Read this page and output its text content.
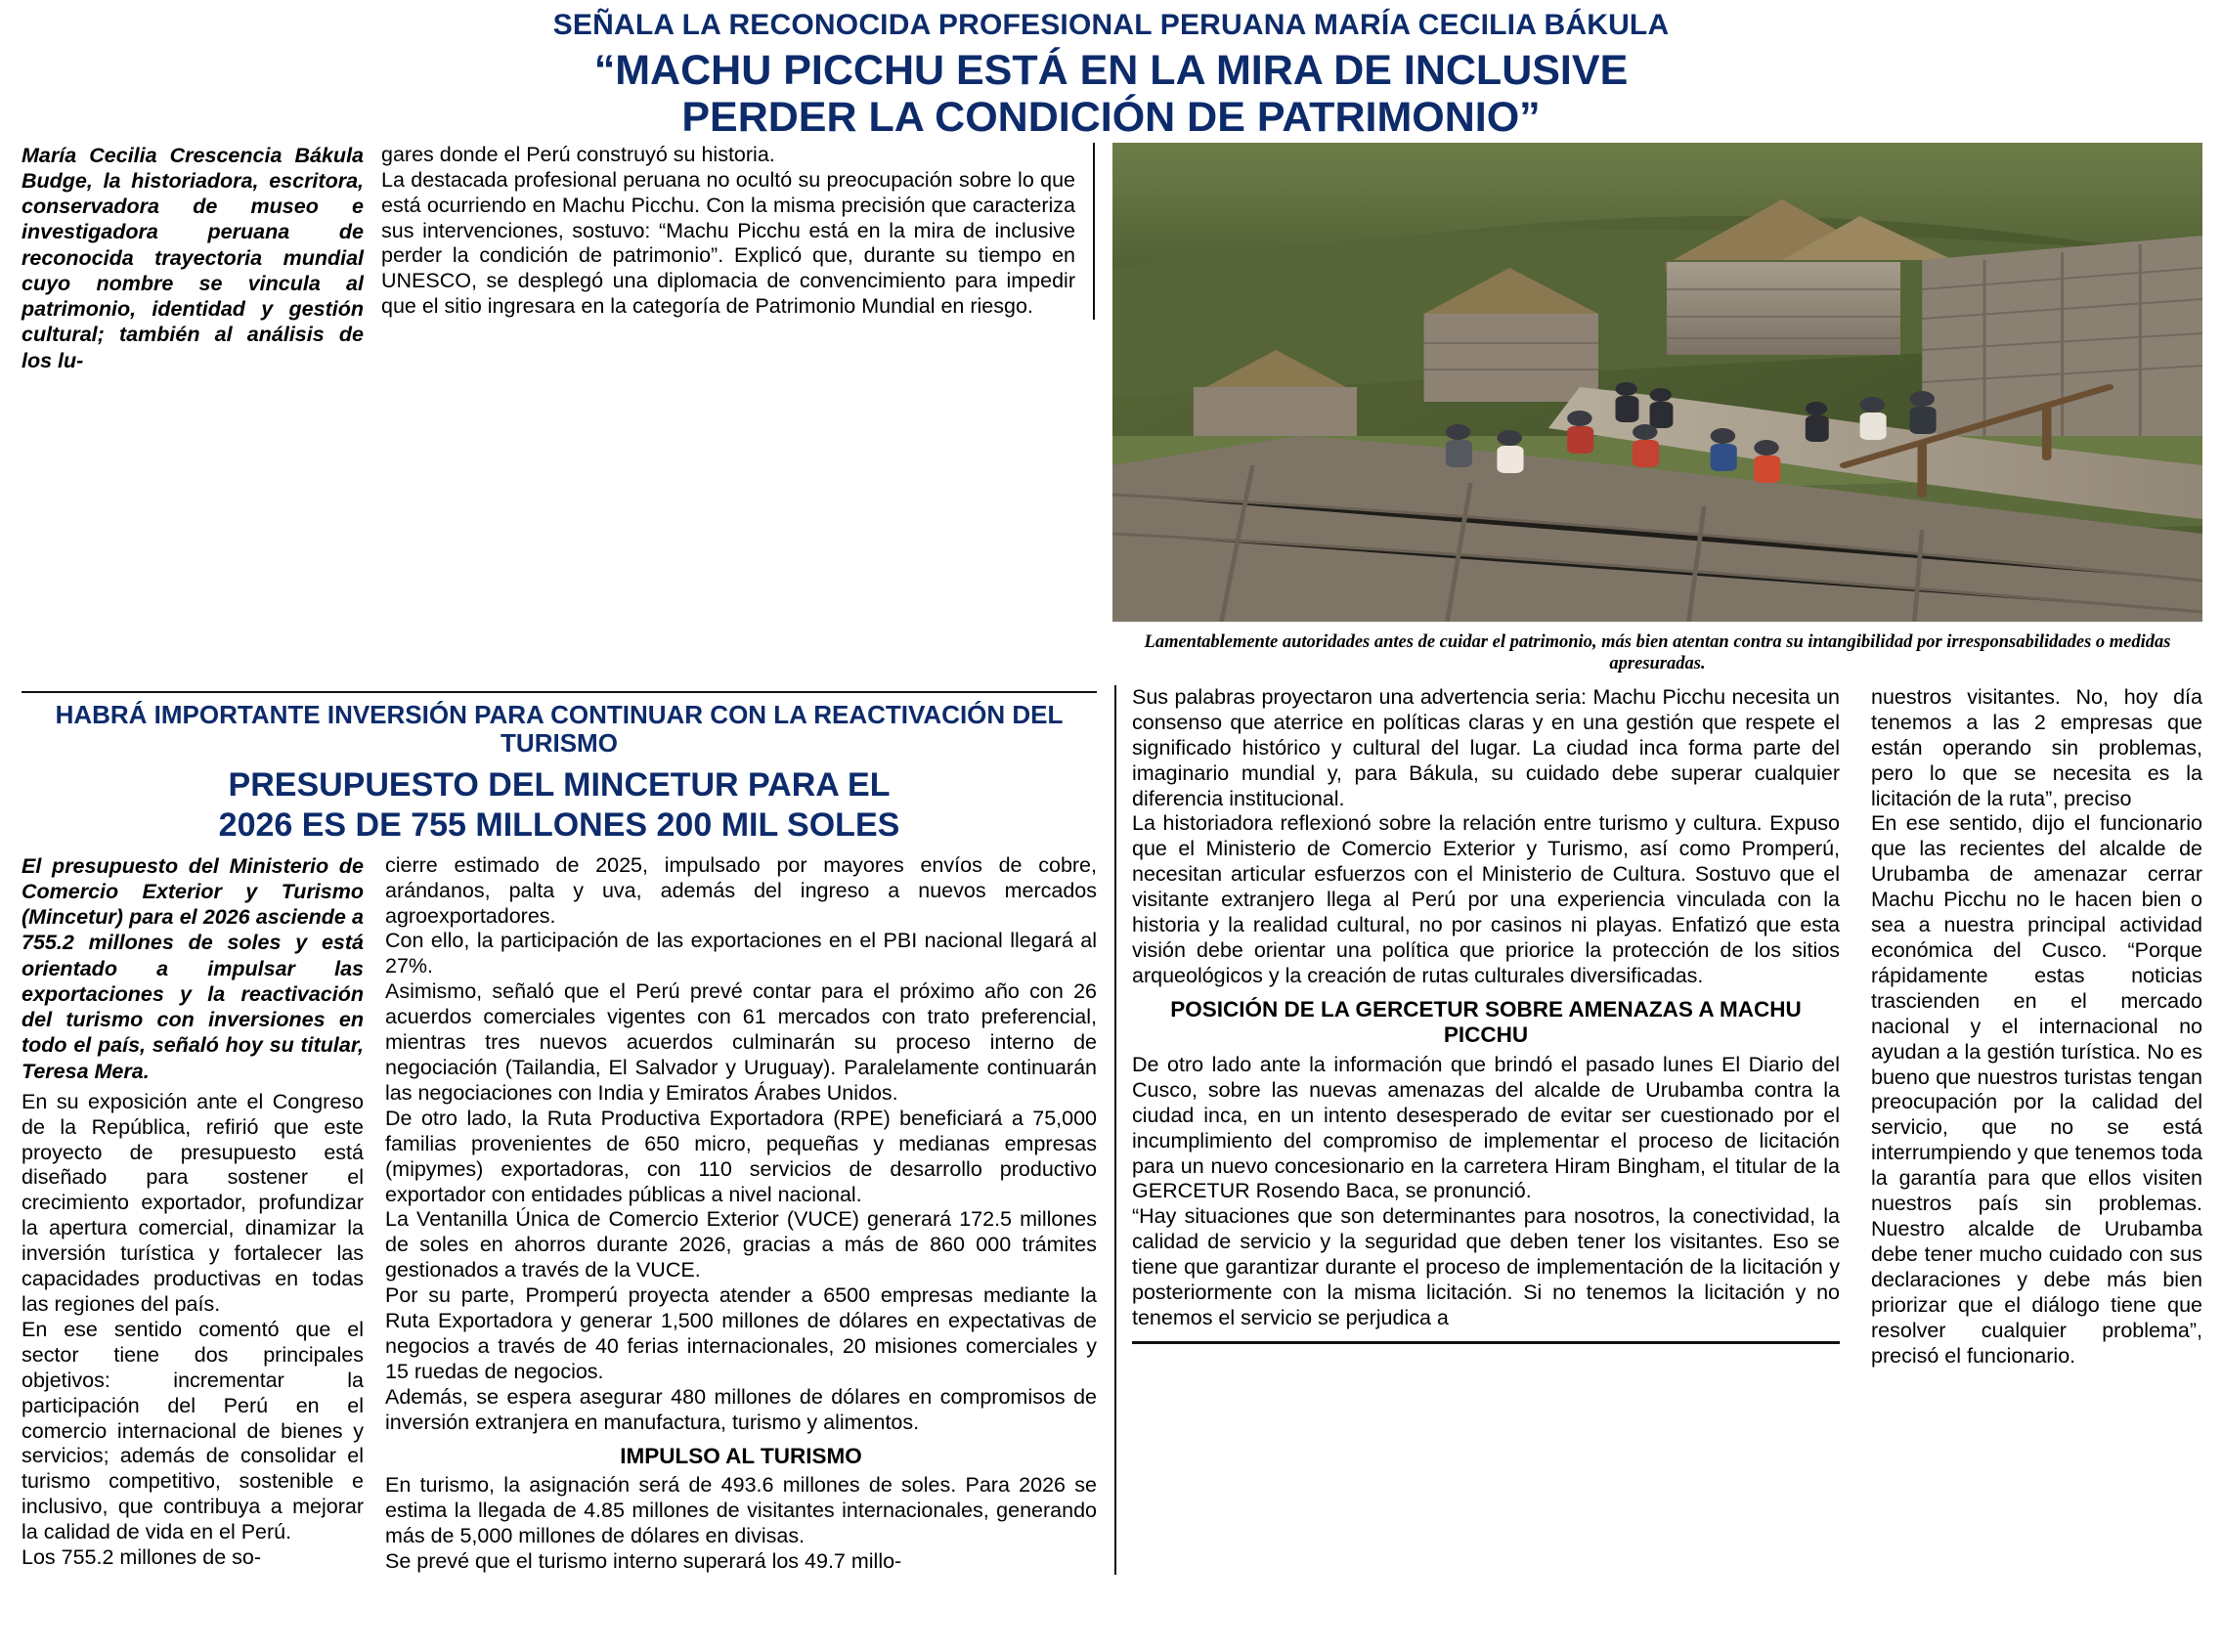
SEÑALA LA RECONOCIDA PROFESIONAL PERUANA MARÍA CECILIA BÁKULA
“MACHU PICCHU ESTÁ EN LA MIRA DE INCLUSIVE
PERDER LA CONDICIÓN DE PATRIMONIO”

María Cecilia Crescencia Bákula Budge, la historiadora, escritora, conservadora de museo e investigadora peruana de reconocida trayectoria mundial cuyo nombre se vincula al patrimonio, identidad y gestión cultural; también al análisis de los lu-

gares donde el Perú construyó su historia.

La destacada profesional peruana no ocultó su preocupación sobre lo que está ocurriendo en Machu Picchu. Con la misma precisión que caracteriza sus intervenciones, sostuvo: “Machu Picchu está en la mira de inclusive perder la condición de patrimonio”. Explicó que, durante su tiempo en UNESCO, se desplegó una diplomacia de convencimiento para impedir que el sitio ingresara en la categoría de Patrimonio Mundial en riesgo.

Lamentablemente autoridades antes de cuidar el patrimonio, más bien atentan contra su intangibilidad por irresponsabilidades o medidas apresuradas.
HABRÁ IMPORTANTE INVERSIÓN PARA CONTINUAR CON LA REACTIVACIÓN DEL TURISMO
PRESUPUESTO DEL MINCETUR PARA EL
2026 ES DE 755 MILLONES 200 MIL SOLES

El presupuesto del Ministerio de Comercio Exterior y Turismo (Mincetur) para el 2026 asciende a 755.2 millones de soles y está orientado a impulsar las exportaciones y la reactivación del turismo con inversiones en todo el país, señaló hoy su titular, Teresa Mera.

En su exposición ante el Congreso de la República, refirió que este proyecto de presupuesto está diseñado para sostener el crecimiento exportador, profundizar la apertura comercial, dinamizar la inversión turística y fortalecer las capacidades productivas en todas las regiones del país.

En ese sentido comentó que el sector tiene dos principales objetivos: incrementar la participación del Perú en el comercio internacional de bienes y servicios; además de consolidar el turismo competitivo, sostenible e inclusivo, que contribuya a mejorar la calidad de vida en el Perú.

Los 755.2 millones de so-

cierre estimado de 2025, impulsado por mayores envíos de cobre, arándanos, palta y uva, además del ingreso a nuevos mercados agroexportadores.

Con ello, la participación de las exportaciones en el PBI nacional llegará al 27%.

Asimismo, señaló que el Perú prevé contar para el próximo año con 26 acuerdos comerciales vigentes con 61 mercados con trato preferencial, mientras tres nuevos acuerdos culminarán su proceso interno de negociación (Tailandia, El Salvador y Uruguay). Paralelamente continuarán las negociaciones con India y Emiratos Árabes Unidos.

De otro lado, la Ruta Productiva Exportadora (RPE) beneficiará a 75,000 familias provenientes de 650 micro, pequeñas y medianas empresas (mipymes) exportadoras, con 110 servicios de desarrollo productivo exportador con entidades públicas a nivel nacional.

La Ventanilla Única de Comercio Exterior (VUCE) generará 172.5 millones de soles en ahorros durante 2026, gracias a más de 860 000 trámites gestionados a través de la VUCE.

Por su parte, Promperú proyecta atender a 6500 empresas mediante la Ruta Exportadora y generar 1,500 millones de dólares en expectativas de negocios a través de 40 ferias internacionales, 20 misiones comerciales y 15 ruedas de negocios.

Además, se espera asegurar 480 millones de dólares en compromisos de inversión extranjera en manufactura, turismo y alimentos.

IMPULSO AL TURISMO

En turismo, la asignación será de 493.6 millones de soles. Para 2026 se estima la llegada de 4.85 millones de visitantes internacionales, generando más de 5,000 millones de dólares en divisas.

Se prevé que el turismo interno superará los 49.7 millo-

Sus palabras proyectaron una advertencia seria: Machu Picchu necesita un consenso que aterrice en políticas claras y en una gestión que respete el significado histórico y cultural del lugar. La ciudad inca forma parte del imaginario mundial y, para Bákula, su cuidado debe superar cualquier diferencia institucional.

La historiadora reflexionó sobre la relación entre turismo y cultura. Expuso que el Ministerio de Comercio Exterior y Turismo, así como Promperú, necesitan articular esfuerzos con el Ministerio de Cultura. Sostuvo que el visitante extranjero llega al Perú por una experiencia vinculada con la historia y la realidad cultural, no por casinos ni playas. Enfatizó que esta visión debe orientar una política que priorice la protección de los sitios arqueológicos y la creación de rutas culturales diversificadas.

POSICIÓN DE LA GERCETUR SOBRE AMENAZAS A MACHU PICCHU

De otro lado ante la información que brindó el pasado lunes El Diario del Cusco, sobre las nuevas amenazas del alcalde de Urubamba contra la ciudad inca, en un intento desesperado de evitar ser cuestionado por el incumplimiento del compromiso de implementar el proceso de licitación para un nuevo concesionario en la carretera Hiram Bingham, el titular de la GERCETUR Rosendo Baca, se pronunció.

“Hay situaciones que son determinantes para nosotros, la conectividad, la calidad de servicio y la seguridad que deben tener los visitantes. Eso se tiene que garantizar durante el proceso de implementación de la licitación y posteriormente con la misma licitación. Si no tenemos la licitación y no tenemos el servicio se perjudica a

nuestros visitantes. No, hoy día tenemos a las 2 empresas que están operando sin problemas, pero lo que se necesita es la licitación de la ruta”, preciso

En ese sentido, dijo el funcionario que las recientes del alcalde de Urubamba de amenazar cerrar Machu Picchu no le hacen bien o sea a nuestra principal actividad económica del Cusco. “Porque rápidamente estas noticias trascienden en el mercado nacional y el internacional no ayudan a la gestión turística. No es bueno que nuestros turistas tengan preocupación por la calidad del servicio, que no se está interrumpiendo y que tenemos toda la garantía para que ellos visiten nuestros país sin problemas. Nuestro alcalde de Urubamba debe tener mucho cuidado con sus declaraciones y debe más bien priorizar que el diálogo tiene que resolver cualquier problema”, precisó el funcionario.
